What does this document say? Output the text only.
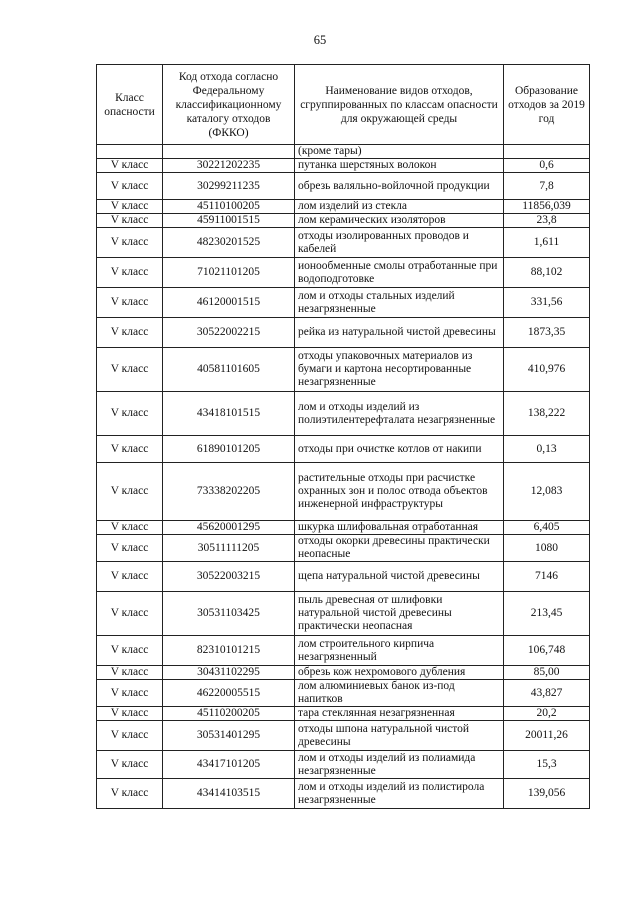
65
Класс опасности	Код отхода согласно Федеральному классификационному каталогу отходов (ФККО)	Наименование видов отходов, сгруппированных по классам опасности для окружающей среды	Образование отходов за 2019 год
		(кроме тары)	
V класс	30221202235	путанка шерстяных волокон	0,6
V класс	30299211235	обрезь валяльно-войлочной продукции	7,8
V класс	45110100205	лом изделий из стекла	11856,039
V класс	45911001515	лом керамических изоляторов	23,8
V класс	48230201525	отходы изолированных проводов и кабелей	1,611
V класс	71021101205	ионообменные смолы отработанные при водоподготовке	88,102
V класс	46120001515	лом и отходы стальных изделий незагрязненные	331,56
V класс	30522002215	рейка из натуральной чистой древесины	1873,35
V класс	40581101605	отходы упаковочных материалов из бумаги и картона несортированные незагрязненные	410,976
V класс	43418101515	лом и отходы изделий из полиэтилентерефталата незагрязненные	138,222
V класс	61890101205	отходы при очистке котлов от накипи	0,13
V класс	73338202205	растительные отходы при расчистке охранных зон и полос отвода объектов инженерной инфраструктуры	12,083
V класс	45620001295	шкурка шлифовальная отработанная	6,405
V класс	30511111205	отходы окорки древесины практически неопасные	1080
V класс	30522003215	щепа натуральной чистой древесины	7146
V класс	30531103425	пыль древесная от шлифовки натуральной чистой древесины практически неопасная	213,45
V класс	82310101215	лом строительного кирпича незагрязненный	106,748
V класс	30431102295	обрезь кож нехромового дубления	85,00
V класс	46220005515	лом алюминиевых банок из-под напитков	43,827
V класс	45110200205	тара стеклянная незагрязненная	20,2
V класс	30531401295	отходы шпона натуральной чистой древесины	20011,26
V класс	43417101205	лом и отходы изделий из полиамида незагрязненные	15,3
V класс	43414103515	лом и отходы изделий из полистирола незагрязненные	139,056
